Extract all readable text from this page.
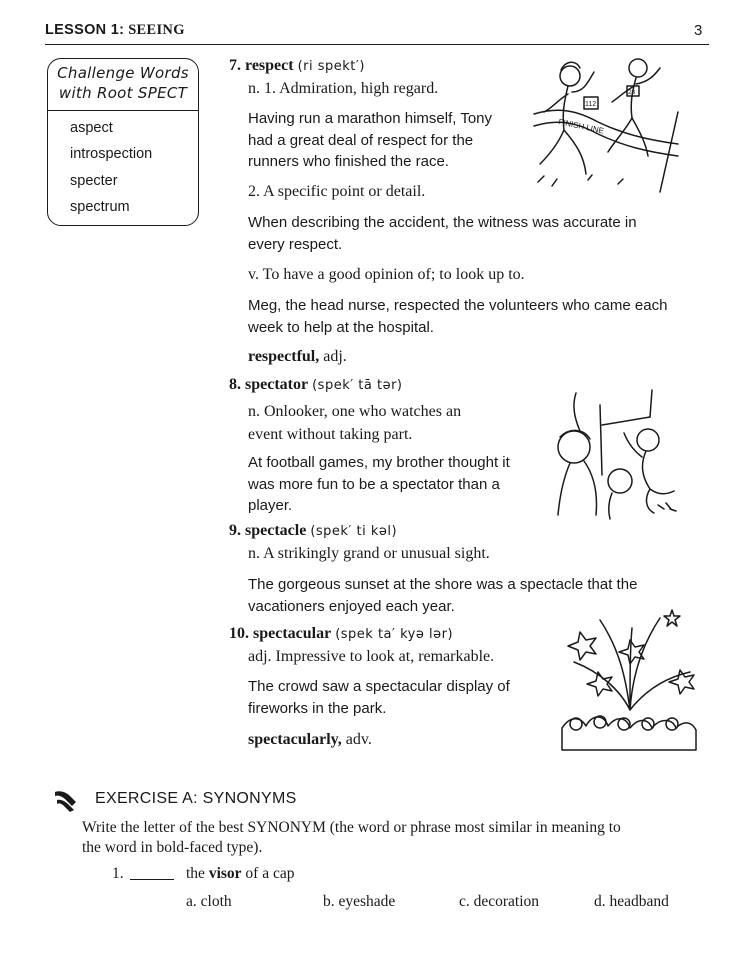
LESSON 1: SEEING	3
Challenge Words
with Root SPECT
aspect
introspection
specter
spectrum
7. respect (ri spekt′)
n. 1. Admiration, high regard.
Having run a marathon himself, Tony
had a great deal of respect for the
runners who finished the race.
2. A specific point or detail.
When describing the accident, the witness was accurate in
every respect.
v. To have a good opinion of; to look up to.
Meg, the head nurse, respected the volunteers who came each
week to help at the hospital.
respectful, adj.
FINISH LINE
112
23
8. spectator (spek′ tā tər)
n. Onlooker, one who watches an
event without taking part.
At football games, my brother thought it
was more fun to be a spectator than a
player.
9. spectacle (spek′ ti kəl)
n. A strikingly grand or unusual sight.
The gorgeous sunset at the shore was a spectacle that the
vacationers enjoyed each year.
10. spectacular (spek ta′ kyə lər)
adj. Impressive to look at, remarkable.
The crowd saw a spectacular display of
fireworks in the park.
spectacularly, adv.
EXERCISE A: SYNONYMS
Write the letter of the best SYNONYM (the word or phrase most similar in meaning to
the word in bold-faced type).
1.	the visor of a cap
a. cloth	b. eyeshade	c. decoration	d. headband
